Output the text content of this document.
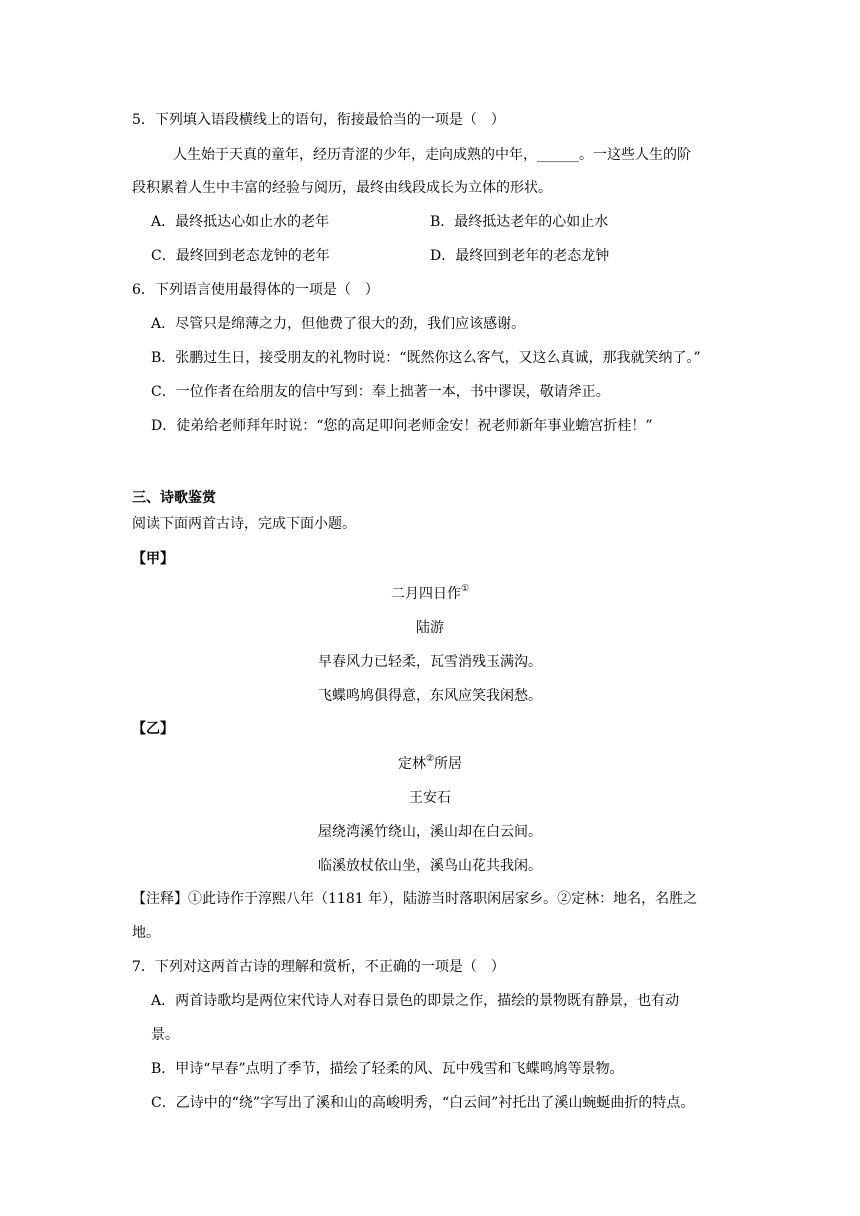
5．下列填入语段横线上的语句，衔接最恰当的一项是（　）
人生始于天真的童年，经历青涩的少年，走向成熟的中年，______。一这些人生的阶
段积累着人生中丰富的经验与阅历，最终由线段成长为立体的形状。
A．最终抵达心如止水的老年	B．最终抵达老年的心如止水
C．最终回到老态龙钟的老年	D．最终回到老年的老态龙钟
6．下列语言使用最得体的一项是（　）
A．尽管只是绵薄之力，但他费了很大的劲，我们应该感谢。
B．张鹏过生日，接受朋友的礼物时说：“既然你这么客气，又这么真诚，那我就笑纳了。”
C．一位作者在给朋友的信中写到：奉上拙著一本，书中谬误，敬请斧正。
D．徒弟给老师拜年时说：“您的高足叩问老师金安！祝老师新年事业蟾宫折桂！”
三、诗歌鉴赏
阅读下面两首古诗，完成下面小题。
【甲】
二月四日作①
陆游
早春风力已轻柔，瓦雪消残玉满沟。
飞蝶鸣鸠俱得意，东风应笑我闲愁。
【乙】
定林②所居
王安石
屋绕湾溪竹绕山，溪山却在白云间。
临溪放杖依山坐，溪鸟山花共我闲。
【注释】①此诗作于淳熙八年（1181 年），陆游当时落职闲居家乡。②定林：地名，名胜之
地。
7．下列对这两首古诗的理解和赏析，不正确的一项是（　）
A．两首诗歌均是两位宋代诗人对春日景色的即景之作，描绘的景物既有静景，也有动
景。
B．甲诗“早春”点明了季节，描绘了轻柔的风、瓦中残雪和飞蝶鸣鸠等景物。
C．乙诗中的“绕”字写出了溪和山的高峻明秀，“白云间”衬托出了溪山蜿蜒曲折的特点。
